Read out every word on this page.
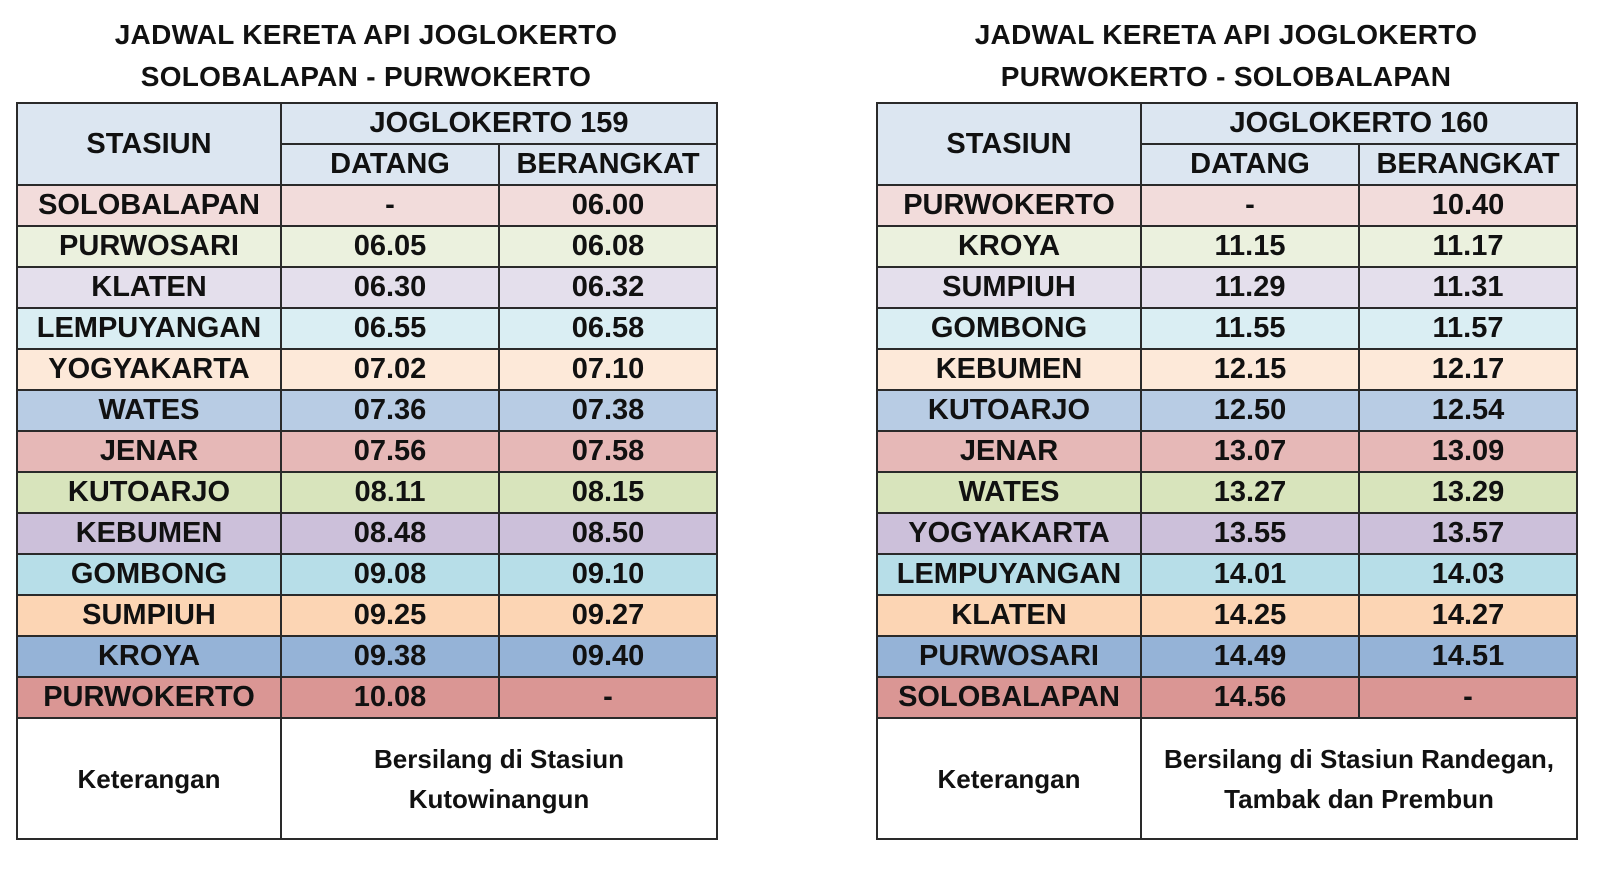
JADWAL KERETA API JOGLOKERTO
SOLOBALAPAN - PURWOKERTO
STASIUN	JOGLOKERTO 159	
	DATANG	BERANGKAT
SOLOBALAPAN	-	06.00
PURWOSARI	06.05	06.08
KLATEN	06.30	06.32
LEMPUYANGAN	06.55	06.58
YOGYAKARTA	07.02	07.10
WATES	07.36	07.38
JENAR	07.56	07.58
KUTOARJO	08.11	08.15
KEBUMEN	08.48	08.50
GOMBONG	09.08	09.10
SUMPIUH	09.25	09.27
KROYA	09.38	09.40
PURWOKERTO	10.08	-
Keterangan	Bersilang di Stasiun
Kutowinangun	
JADWAL KERETA API JOGLOKERTO
PURWOKERTO - SOLOBALAPAN
STASIUN	JOGLOKERTO 160	
	DATANG	BERANGKAT
PURWOKERTO	-	10.40
KROYA	11.15	11.17
SUMPIUH	11.29	11.31
GOMBONG	11.55	11.57
KEBUMEN	12.15	12.17
KUTOARJO	12.50	12.54
JENAR	13.07	13.09
WATES	13.27	13.29
YOGYAKARTA	13.55	13.57
LEMPUYANGAN	14.01	14.03
KLATEN	14.25	14.27
PURWOSARI	14.49	14.51
SOLOBALAPAN	14.56	-
Keterangan	Bersilang di Stasiun Randegan,
Tambak dan Prembun	
